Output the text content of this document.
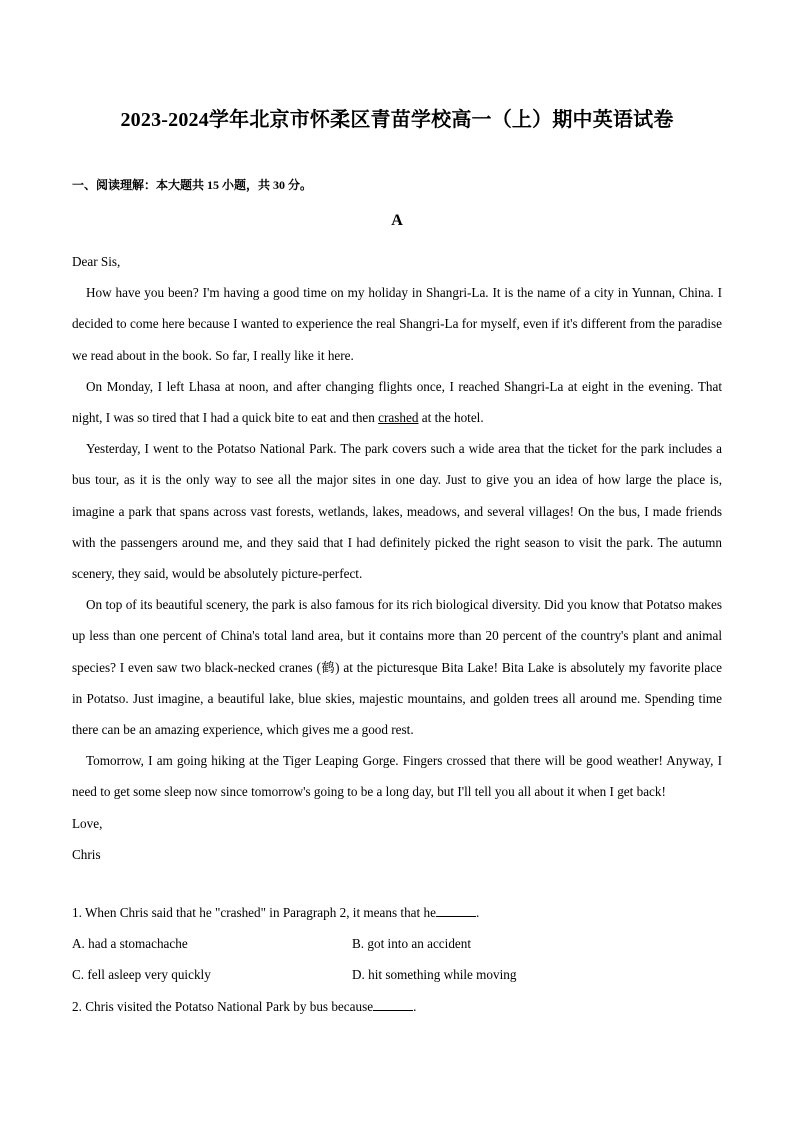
2023-2024学年北京市怀柔区青苗学校高一（上）期中英语试卷
一、阅读理解：本大题共 15 小题，共 30 分。
A

Dear Sis,

How have you been? I'm having a good time on my holiday in Shangri-La. It is the name of a city in Yunnan, China. I decided to come here because I wanted to experience the real Shangri-La for myself, even if it's different from the paradise we read about in the book. So far, I really like it here.

On Monday, I left Lhasa at noon, and after changing flights once, I reached Shangri-La at eight in the evening. That night, I was so tired that I had a quick bite to eat and then crashed at the hotel.

Yesterday, I went to the Potatso National Park. The park covers such a wide area that the ticket for the park includes a bus tour, as it is the only way to see all the major sites in one day. Just to give you an idea of how large the place is, imagine a park that spans across vast forests, wetlands, lakes, meadows, and several villages! On the bus, I made friends with the passengers around me, and they said that I had definitely picked the right season to visit the park. The autumn scenery, they said, would be absolutely picture-perfect.

On top of its beautiful scenery, the park is also famous for its rich biological diversity. Did you know that Potatso makes up less than one percent of China's total land area, but it contains more than 20 percent of the country's plant and animal species? I even saw two black-necked cranes (鹤) at the picturesque Bita Lake! Bita Lake is absolutely my favorite place in Potatso. Just imagine, a beautiful lake, blue skies, majestic mountains, and golden trees all around me. Spending time there can be an amazing experience, which gives me a good rest.

Tomorrow, I am going hiking at the Tiger Leaping Gorge. Fingers crossed that there will be good weather! Anyway, I need to get some sleep now since tomorrow's going to be a long day, but I'll tell you all about it when I get back!

Love,

Chris

1. When Chris said that he "crashed" in Paragraph 2, it means that he	.
A. had a stomachache	B. got into an accident
C. fell asleep very quickly	D. hit something while moving
2. Chris visited the Potatso National Park by bus because	.
